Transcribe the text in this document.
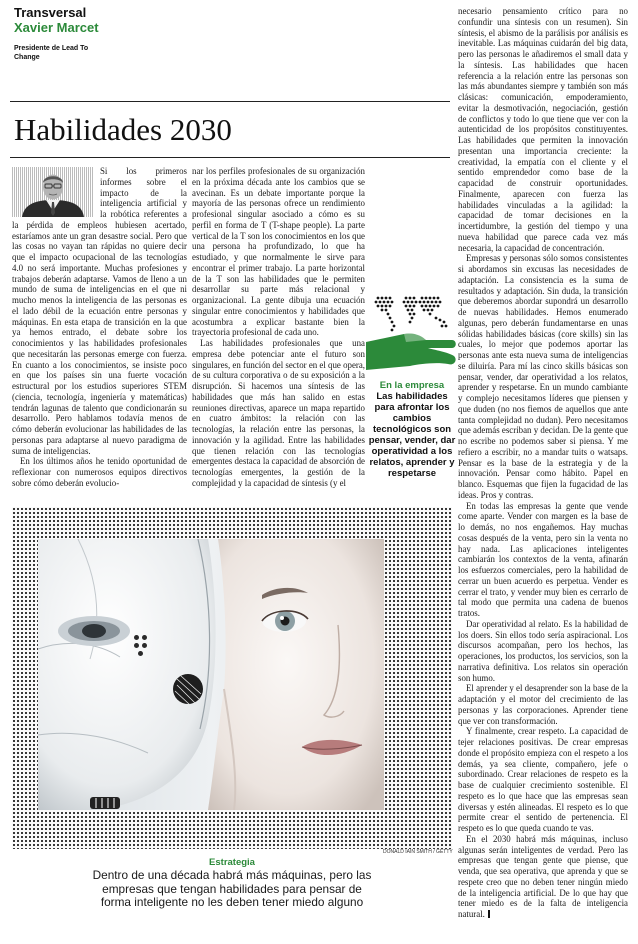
Transversal
Xavier Marcet
Presidente de Lead To Change
Habilidades 2030

Si los primeros informes sobre el impacto de la inteligencia artificial y la robótica referentes a la pérdida de empleos hubiesen acertado, estaríamos ante un gran desastre social. Pero que las cosas no vayan tan rápidas no quiere decir que el impacto ocupacional de las tecnologías 4.0 no será importante. Muchas profesiones y trabajos deberán adaptarse. Vamos de lleno a un mundo de suma de inteligencias en el que ni mucho menos la inteligencia de las personas es el lado débil de la ecuación entre personas y máquinas. En esta etapa de transición en la que ya hemos entrado, el debate sobre los conocimientos y las habilidades profesionales que necesitarán las personas emerge con fuerza. En cuanto a los conocimientos, se insiste poco en que los países sin una fuerte vocación estructural por los estudios superiores STEM (ciencia, tecnología, ingeniería y matemáticas) tendrán lagunas de talento que condicionarán su desarrollo. Pero hablamos todavía menos de cómo deberán evolucionar las habilidades de las personas para adaptarse al nuevo paradigma de suma de inteligencias.

En los últimos años he tenido oportunidad de reflexionar con numerosos equipos directivos sobre cómo deberán evolucio-

nar los perfiles profesionales de su organización en la próxima década ante los cambios que se avecinan. Es un debate importante porque la mayoría de las personas ofrece un rendimiento profesional singular asociado a cómo es su perfil en forma de T (T-shape people). La parte vertical de la T son los conocimientos en los que una persona ha profundizado, lo que ha estudiado, y que normalmente le sirve para encontrar el primer trabajo. La parte horizontal de la T son las habilidades que le permiten desarrollar su parte más relacional y organizacional. La gente dibuja una ecuación singular entre conocimientos y habilidades que acostumbra a explicar bastante bien la trayectoria profesional de cada uno.

Las habilidades profesionales que una empresa debe potenciar ante el futuro son singulares, en función del sector en el que opera, de su cultura corporativa o de su exposición a la disrupción. Si hacemos una síntesis de las habilidades que más han salido en estas reuniones directivas, aparece un mapa repartido en cuatro ámbitos: la relación con las tecnologías, la relación entre las personas, la innovación y la agilidad. Entre las habilidades que tienen relación con las tecnologías emergentes destaca la capacidad de absorción de tecnologías emergentes, la gestión de la complejidad y la capacidad de síntesis (y el

En la empresa
Las habilidades para afrontar los cambios tecnológicos son pensar, vender, dar operatividad a los relatos, aprender y respetarse
DONALD IAIN SMITH / GETTY
Estrategia
Dentro de una década habrá más máquinas, pero las empresas que tengan habilidades para pensar de forma inteligente no les deben tener miedo alguno

necesario pensamiento crítico para no confundir una síntesis con un resumen). Sin síntesis, el abismo de la parálisis por análisis es inevitable. Las máquinas cuidarán del big data, pero las personas le añadiremos el small data y la síntesis. Las habilidades que hacen referencia a la relación entre las personas son las más abundantes siempre y también son más clásicas: comunicación, empoderamiento, evitar la desmotivación, negociación, gestión de conflictos y todo lo que tiene que ver con la autenticidad de los propósitos constituyentes. Las habilidades que permiten la innovación presentan una importancia creciente: la creatividad, la empatía con el cliente y el sentido emprendedor como base de la capacidad de construir oportunidades. Finalmente, aparecen con fuerza las habilidades vinculadas a la agilidad: la capacidad de tomar decisiones en la incertidumbre, la gestión del tiempo y una nueva habilidad que parece cada vez más necesaria, la capacidad de concentración.

Empresas y personas sólo somos consistentes si abordamos sin excusas las necesidades de adaptación. La consistencia es la suma de resultados y adaptación. Sin duda, la transición que deberemos abordar supondrá un desarrollo de nuevas habilidades. Hemos enumerado algunas, pero deberán fundamentarse en unas sólidas habilidades básicas (core skills) sin las cuales, lo mejor que podemos aportar las personas ante esta nueva suma de inteligencias se diluiría. Para mí las cinco skills básicas son pensar, vender, dar operatividad a los relatos, aprender y respetarse. En un mundo cambiante y complejo necesitamos líderes que piensen y que duden (no nos fiemos de aquellos que ante tanta complejidad no dudan). Pero necesitamos que además escriban y decidan. De la gente que no escribe no podemos saber si piensa. Y me refiero a escribir, no a mandar tuits o watsaps. Pensar es la base de la estrategia y de la innovación. Pensar como hábito. Papel en blanco. Esquemas que fijen la fugacidad de las ideas. Pros y contras.

En todas las empresas la gente que vende come aparte. Vender con margen es la base de lo demás, no nos engañemos. Hay muchas cosas después de la venta, pero sin la venta no hay nada. Las aplicaciones inteligentes cambiarán los contextos de la venta, afinarán los esfuerzos comerciales, pero la habilidad de cerrar un buen acuerdo es perpetua. Vender es cerrar el trato, y vender muy bien es cerrarlo de tal modo que permita una cadena de buenos tratos.

Dar operatividad al relato. Es la habilidad de los doers. Sin ellos todo sería aspiracional. Los discursos acompañan, pero los hechos, las operaciones, los productos, los servicios, son la narrativa definitiva. Los relatos sin operación son humo.

El aprender y el desaprender son la base de la adaptación y el motor del crecimiento de las personas y las corporaciones. Aprender tiene que ver con transformación.

Y finalmente, crear respeto. La capacidad de tejer relaciones positivas. De crear empresas donde el propósito empieza con el respeto a los demás, ya sea cliente, compañero, jefe o subordinado. Crear relaciones de respeto es la base de cualquier crecimiento sostenible. El respeto es lo que hace que las empresas sean diversas y estén alineadas. El respeto es lo que permite crear el sentido de pertenencia. El respeto es lo que queda cuando te vas.

En el 2030 habrá más máquinas, incluso algunas serán inteligentes de verdad. Pero las empresas que tengan gente que piense, que venda, que sea operativa, que aprenda y que se respete creo que no deben tener ningún miedo de la inteligencia artificial. De lo que hay que tener miedo es de la falta de inteligencia natural.
